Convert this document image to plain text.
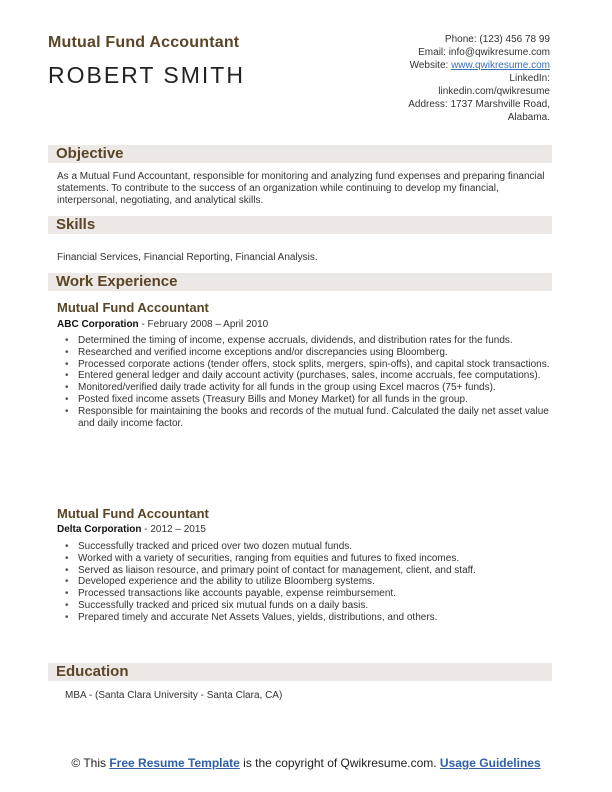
Mutual Fund Accountant
ROBERT SMITH
Phone: (123) 456 78 99
Email: info@qwikresume.com
Website: www.qwikresume.com
LinkedIn:
linkedin.com/qwikresume
Address: 1737 Marshville Road,
Alabama.
Objective
As a Mutual Fund Accountant, responsible for monitoring and analyzing fund expenses and preparing financial statements. To contribute to the success of an organization while continuing to develop my financial, interpersonal, negotiating, and analytical skills.
Skills
Financial Services, Financial Reporting, Financial Analysis.
Work Experience
Mutual Fund Accountant
ABC Corporation - February 2008 – April 2010
• Determined the timing of income, expense accruals, dividends, and distribution rates for the funds.
• Researched and verified income exceptions and/or discrepancies using Bloomberg.
• Processed corporate actions (tender offers, stock splits, mergers, spin-offs), and capital stock transactions.
• Entered general ledger and daily account activity (purchases, sales, income accruals, fee computations).
• Monitored/verified daily trade activity for all funds in the group using Excel macros (75+ funds).
• Posted fixed income assets (Treasury Bills and Money Market) for all funds in the group.
• Responsible for maintaining the books and records of the mutual fund. Calculated the daily net asset value and daily income factor.
Mutual Fund Accountant
Delta Corporation - 2012 – 2015
• Successfully tracked and priced over two dozen mutual funds.
• Worked with a variety of securities, ranging from equities and futures to fixed incomes.
• Served as liaison resource, and primary point of contact for management, client, and staff.
• Developed experience and the ability to utilize Bloomberg systems.
• Processed transactions like accounts payable, expense reimbursement.
• Successfully tracked and priced six mutual funds on a daily basis.
• Prepared timely and accurate Net Assets Values, yields, distributions, and others.
Education
MBA - (Santa Clara University - Santa Clara, CA)
© This Free Resume Template is the copyright of Qwikresume.com. Usage Guidelines
